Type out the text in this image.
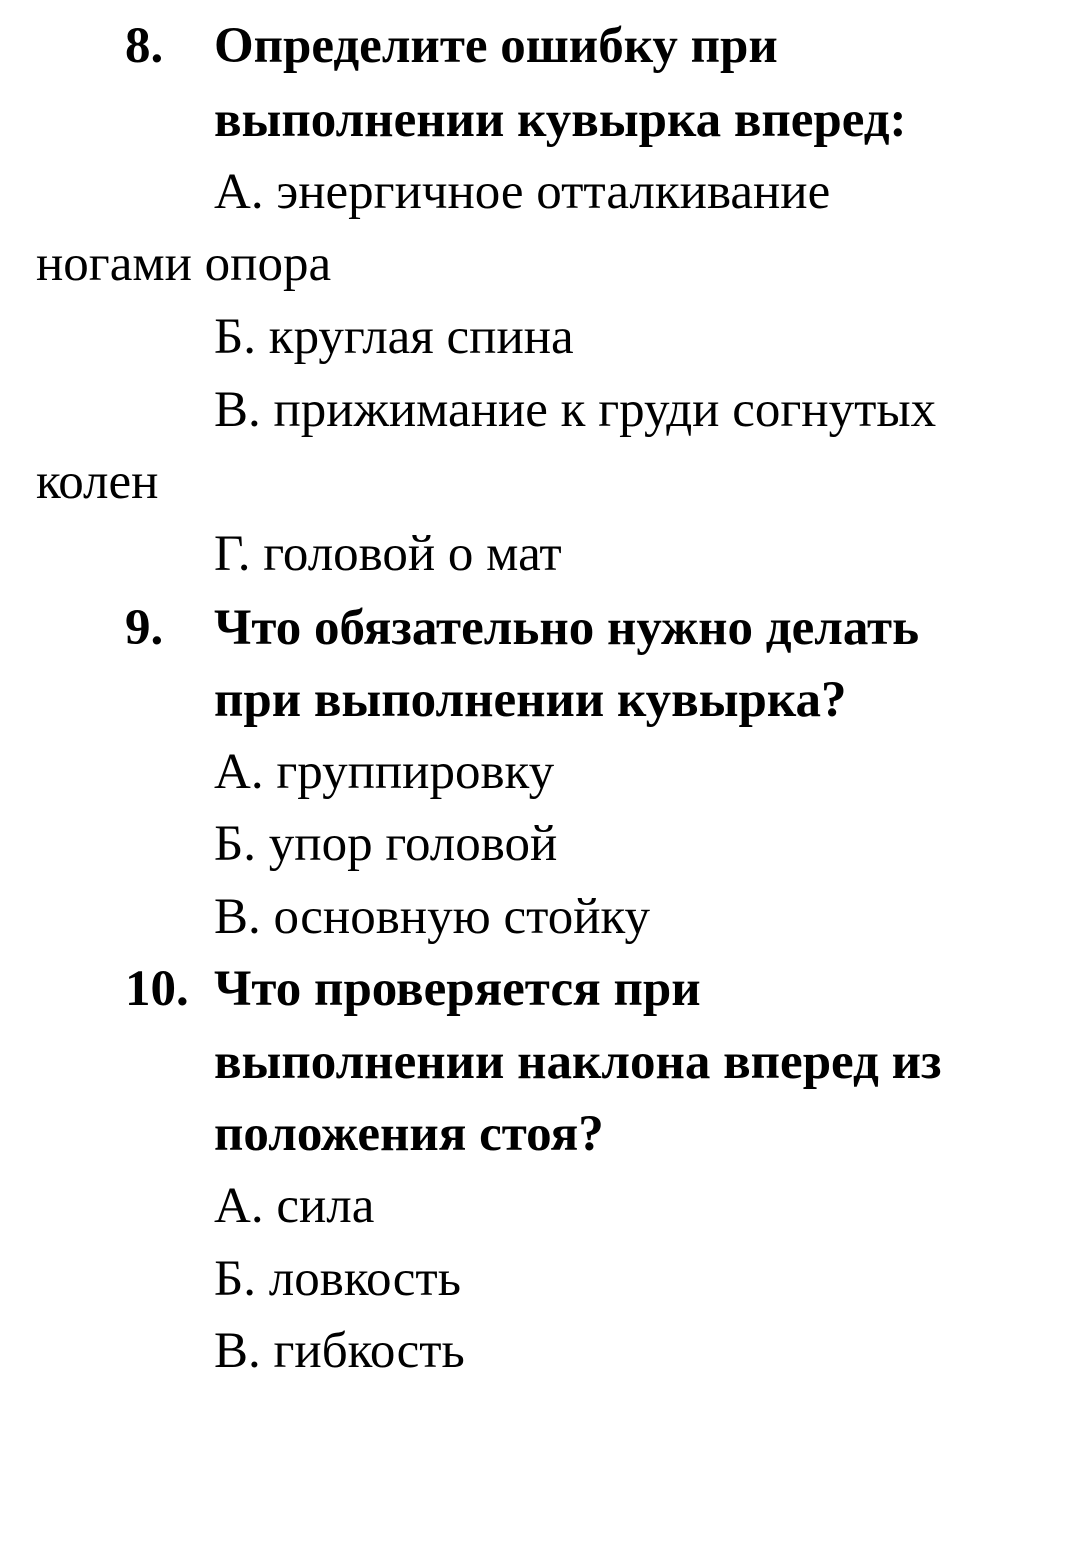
8. Определите ошибку при
выполнении кувырка вперед:
А. энергичное отталкивание
ногами опора
Б. круглая спина
В. прижимание к груди согнутых
колен
Г. головой о мат
9. Что обязательно нужно делать
при выполнении кувырка?
А. группировку
Б. упор головой
В. основную стойку
10. Что проверяется при
выполнении наклона вперед из
положения стоя?
А. сила
Б. ловкость
В. гибкость
